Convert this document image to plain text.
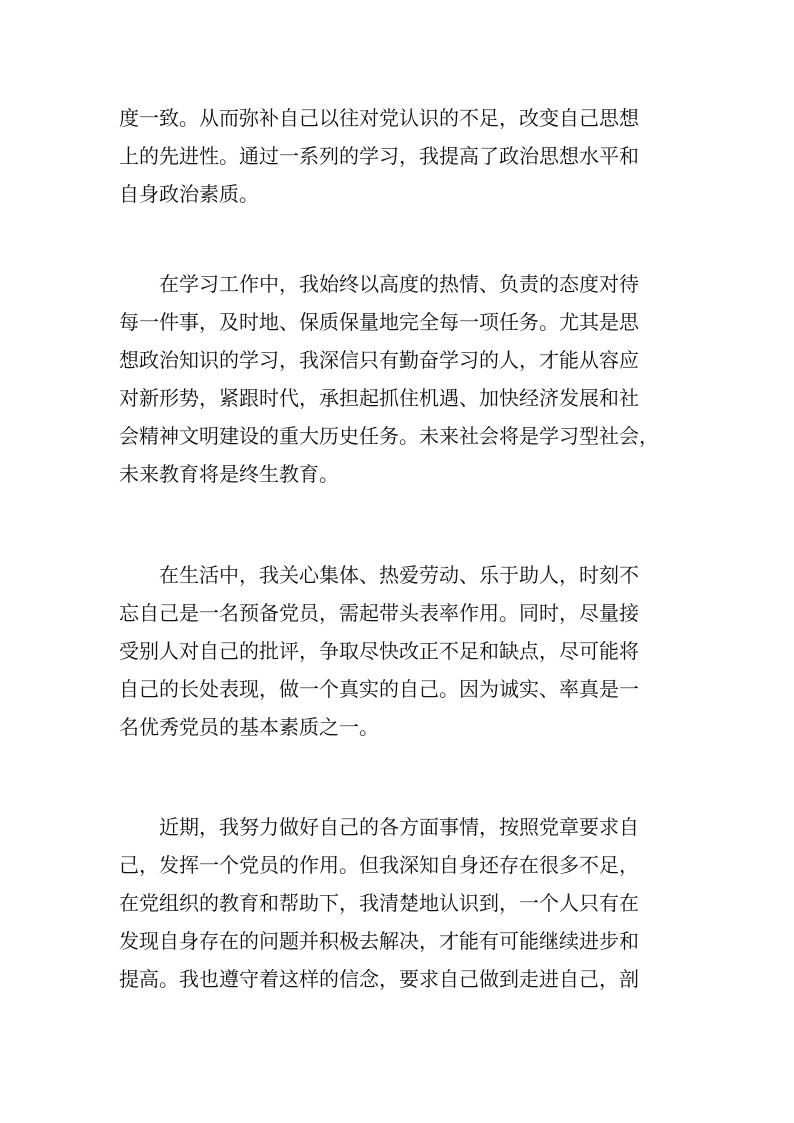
度一致。从而弥补自己以往对党认识的不足，改变自己思想
上的先进性。通过一系列的学习，我提高了政治思想水平和
自身政治素质。
　　在学习工作中，我始终以高度的热情、负责的态度对待
每一件事，及时地、保质保量地完全每一项任务。尤其是思
想政治知识的学习，我深信只有勤奋学习的人，才能从容应
对新形势，紧跟时代，承担起抓住机遇、加快经济发展和社
会精神文明建设的重大历史任务。未来社会将是学习型社会，
未来教育将是终生教育。
　　在生活中，我关心集体、热爱劳动、乐于助人，时刻不
忘自己是一名预备党员，需起带头表率作用。同时，尽量接
受别人对自己的批评，争取尽快改正不足和缺点，尽可能将
自己的长处表现，做一个真实的自己。因为诚实、率真是一
名优秀党员的基本素质之一。
　　近期，我努力做好自己的各方面事情，按照党章要求自
己，发挥一个党员的作用。但我深知自身还存在很多不足，
在党组织的教育和帮助下，我清楚地认识到，一个人只有在
发现自身存在的问题并积极去解决，才能有可能继续进步和
提高。我也遵守着这样的信念，要求自己做到走进自己，剖
